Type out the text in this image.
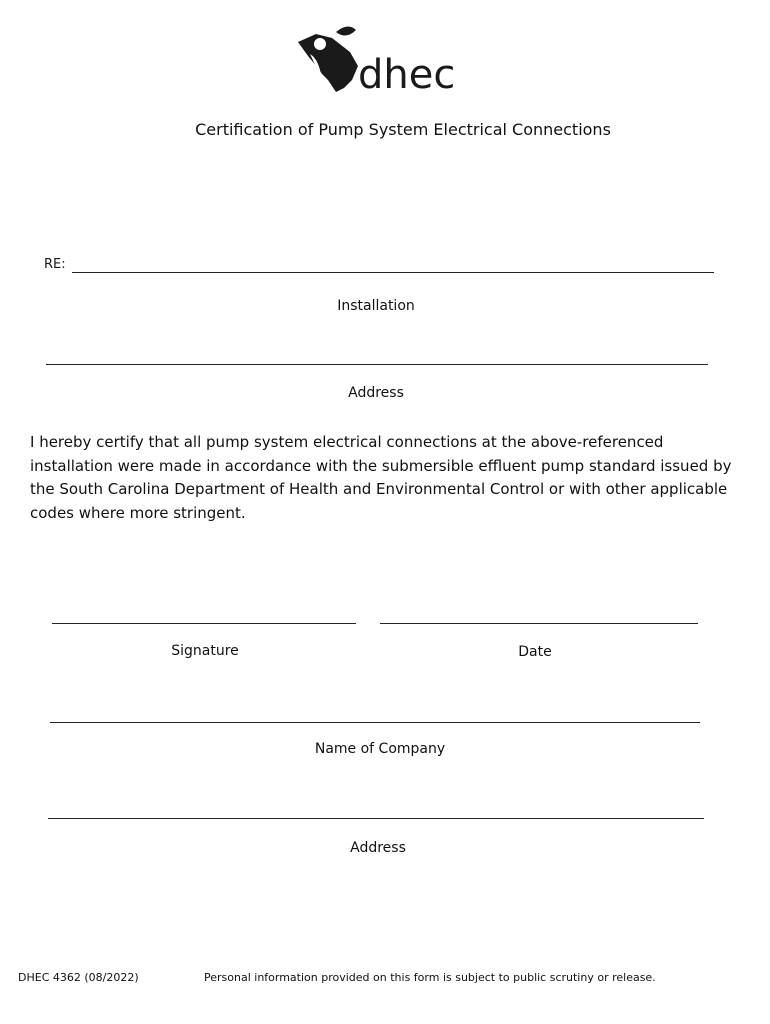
dhec
Certification of Pump System Electrical Connections
RE:
Installation
Address
I hereby certify that all pump system electrical connections at the above-referenced installation were made in accordance with the submersible effluent pump standard issued by the South Carolina Department of Health and Environmental Control or with other applicable codes where more stringent.
Signature	Date
Name of Company
Address
DHEC 4362 (08/2022)	Personal information provided on this form is subject to public scrutiny or release.
